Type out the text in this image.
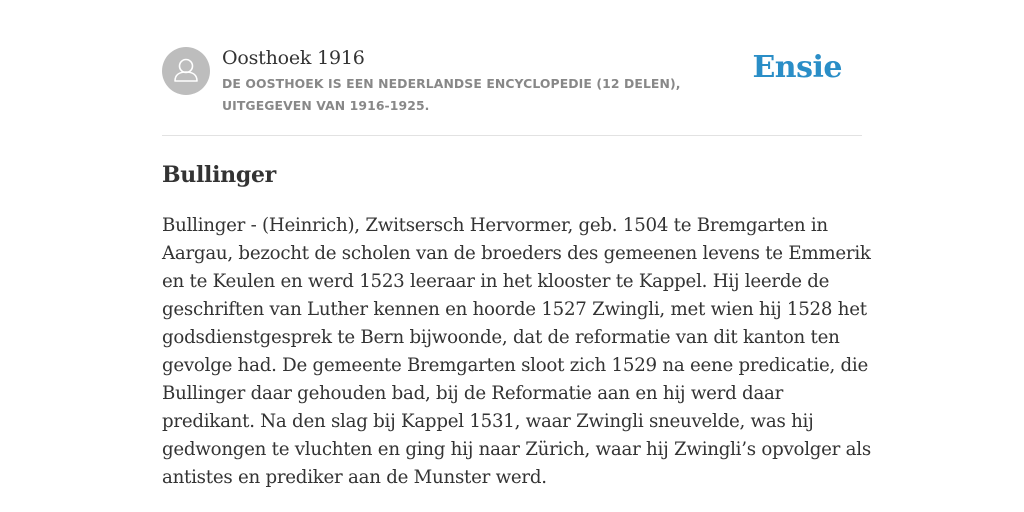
Oosthoek 1916
DE OOSTHOEK IS EEN NEDERLANDSE ENCYCLOPEDIE (12 DELEN), UITGEGEVEN VAN 1916-1925.
Ensie
Bullinger

Bullinger - (Heinrich), Zwitsersch Hervormer, geb. 1504 te Bremgarten in Aargau, bezocht de scholen van de broeders des gemeenen levens te Emmerik en te Keulen en werd 1523 leeraar in het klooster te Kappel. Hij leerde de geschriften van Luther kennen en hoorde 1527 Zwingli, met wien hij 1528 het godsdienstgesprek te Bern bijwoonde, dat de reformatie van dit kanton ten gevolge had. De gemeente Bremgarten sloot zich 1529 na eene predicatie, die Bullinger daar gehouden bad, bij de Reformatie aan en hij werd daar predikant. Na den slag bij Kappel 1531, waar Zwingli sneuvelde, was hij gedwongen te vluchten en ging hij naar Zürich, waar hij Zwingli’s opvolger als antistes en prediker aan de Munster werd.
